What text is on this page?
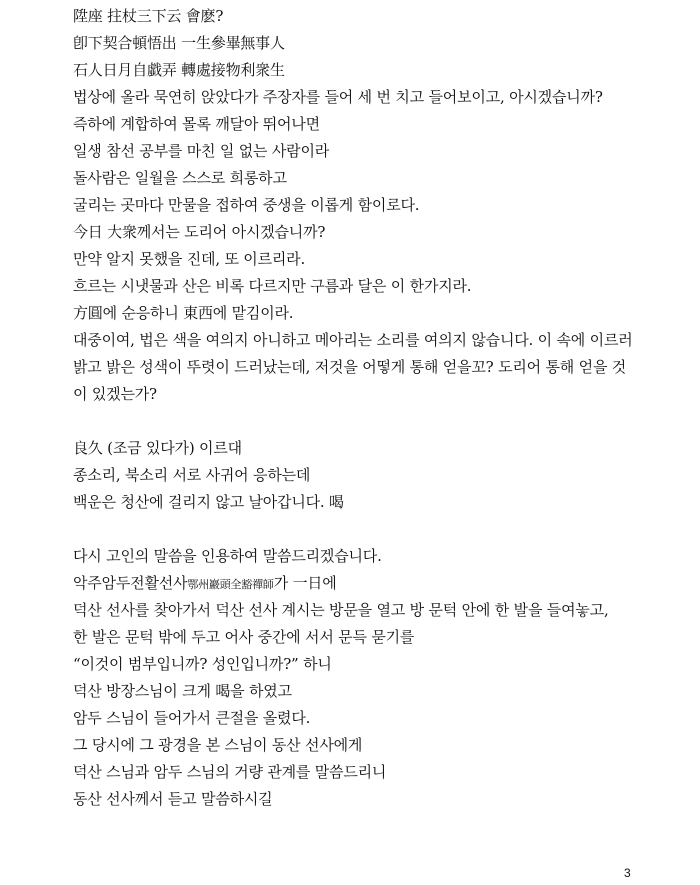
陞座 拄杖三下云 會麽?
卽下契合頓悟出 一生參畢無事人
石人日月自戱弄 轉處接物利衆生
법상에 올라 묵연히 앉았다가 주장자를 들어 세 번 치고 들어보이고, 아시겠습니까?
즉하에 계합하여 몰록 깨달아 뛰어나면
일생 참선 공부를 마친 일 없는 사람이라
돌사람은 일월을 스스로 희롱하고
굴리는 곳마다 만물을 접하여 중생을 이롭게 함이로다.
今日 大衆께서는 도리어 아시겠습니까?
만약 알지 못했을 진데, 또 이르리라.
흐르는 시냇물과 산은 비록 다르지만 구름과 달은 이 한가지라.
方圓에 순응하니 東西에 맡김이라.
대중이여, 법은 색을 여의지 아니하고 메아리는 소리를 여의지 않습니다. 이 속에 이르러
밝고 밝은 성색이 뚜렷이 드러났는데, 저것을 어떻게 통해 얻을꼬? 도리어 통해 얻을 것
이 있겠는가?
良久 (조금 있다가) 이르대
종소리, 북소리 서로 사귀어 응하는데
백운은 청산에 걸리지 않고 날아갑니다. 喝
다시 고인의 말씀을 인용하여 말씀드리겠습니다.
악주암두전활선사鄂州巖頭全豁禪師가 一日에
덕산 선사를 찾아가서 덕산 선사 계시는 방문을 열고 방 문턱 안에 한 발을 들여놓고,
한 발은 문턱 밖에 두고 어사 중간에 서서 문득 묻기를
“이것이 범부입니까? 성인입니까?” 하니
덕산 방장스님이 크게 喝을 하였고
암두 스님이 들어가서 큰절을 올렸다.
그 당시에 그 광경을 본 스님이 동산 선사에게
덕산 스님과 암두 스님의 거량 관계를 말씀드리니
동산 선사께서 듣고 말씀하시길
3
